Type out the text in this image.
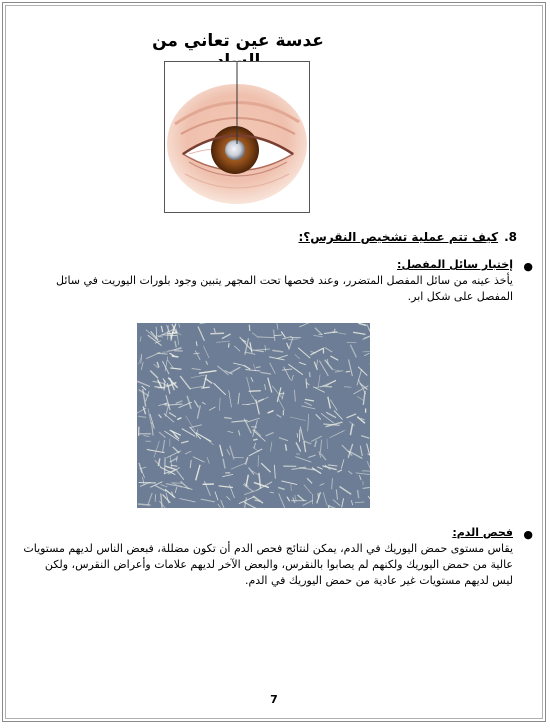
عدسة عين تعاني من
8.
كيف تتم عملية تشخيص النقرس؟:
●
إختبار سائل المفصل:

يأخذ عينه من سائل المفصل المتضرر، وعند فحصها تحت المجهر يتبين وجود بلورات اليوريت في سائل المفصل على شكل ابر.

●
فحص الدم:

يقاس مستوى حمض اليوريك في الدم، يمكن لنتائج فحص الدم أن تكون مضللة، فبعض الناس لديهم مستويات عالية من حمض اليوريك ولكنهم لم يصابوا بالنقرس، والبعض الآخر لديهم علامات وأعراض النقرس، ولكن ليس لديهم مستويات غير عادية من حمض اليوريك في الدم.

7
